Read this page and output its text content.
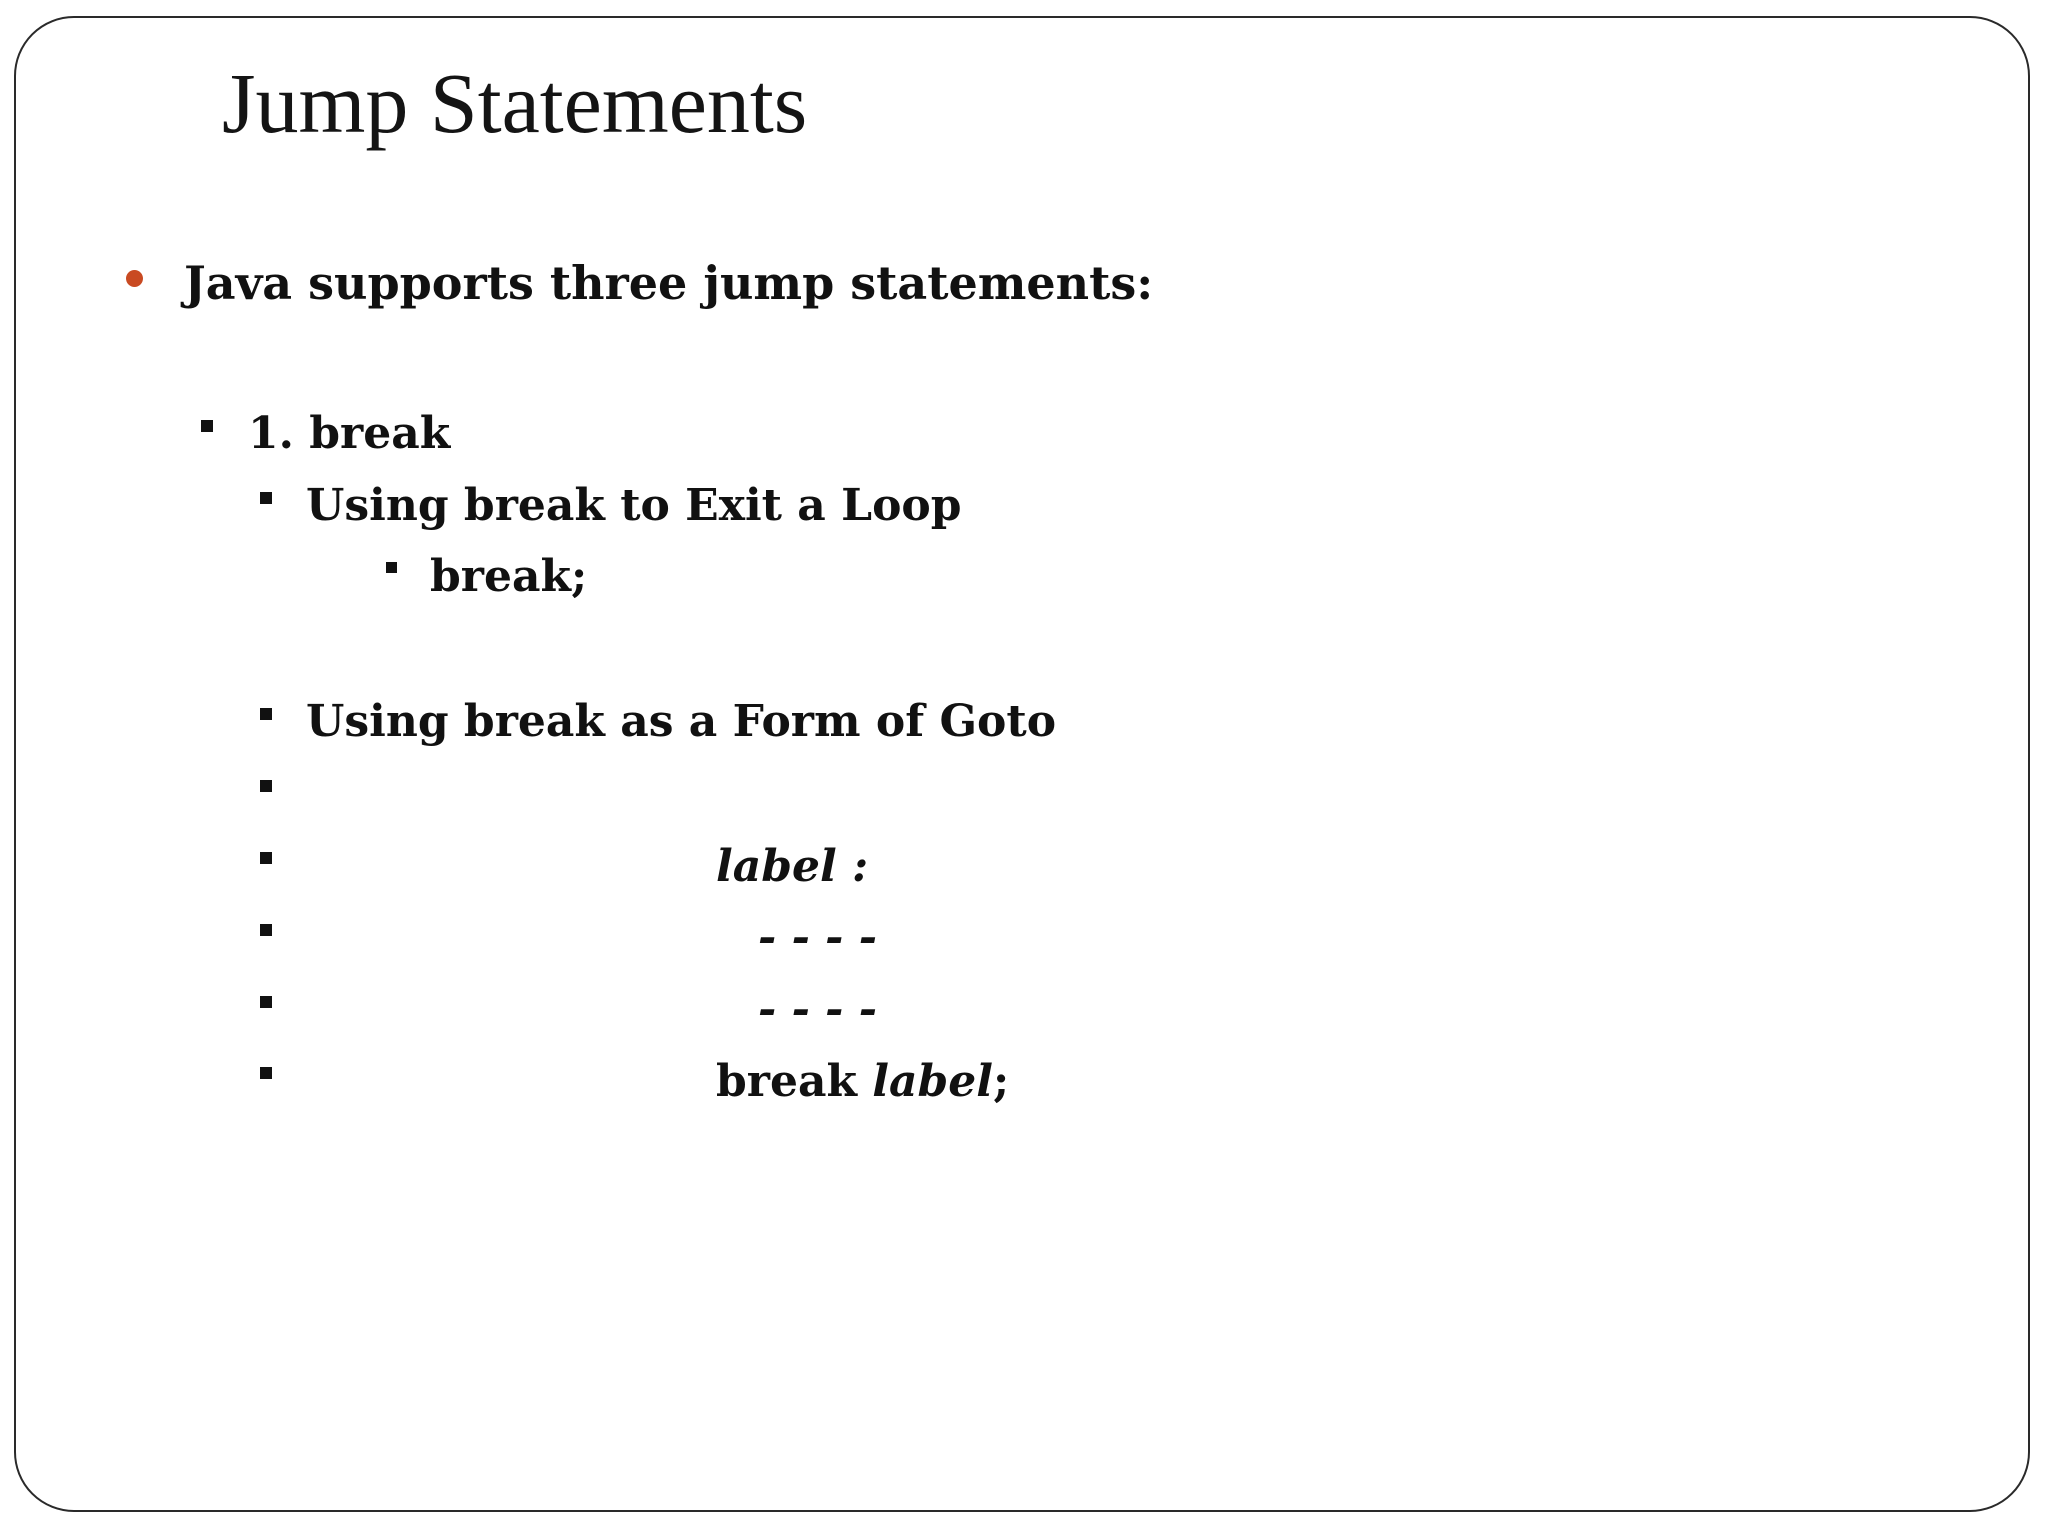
Jump Statements
Java supports three jump statements:
1. break
Using break to Exit a Loop
break;
Using break as a Form of Goto
label :
- - - -
- - - -
break label;
